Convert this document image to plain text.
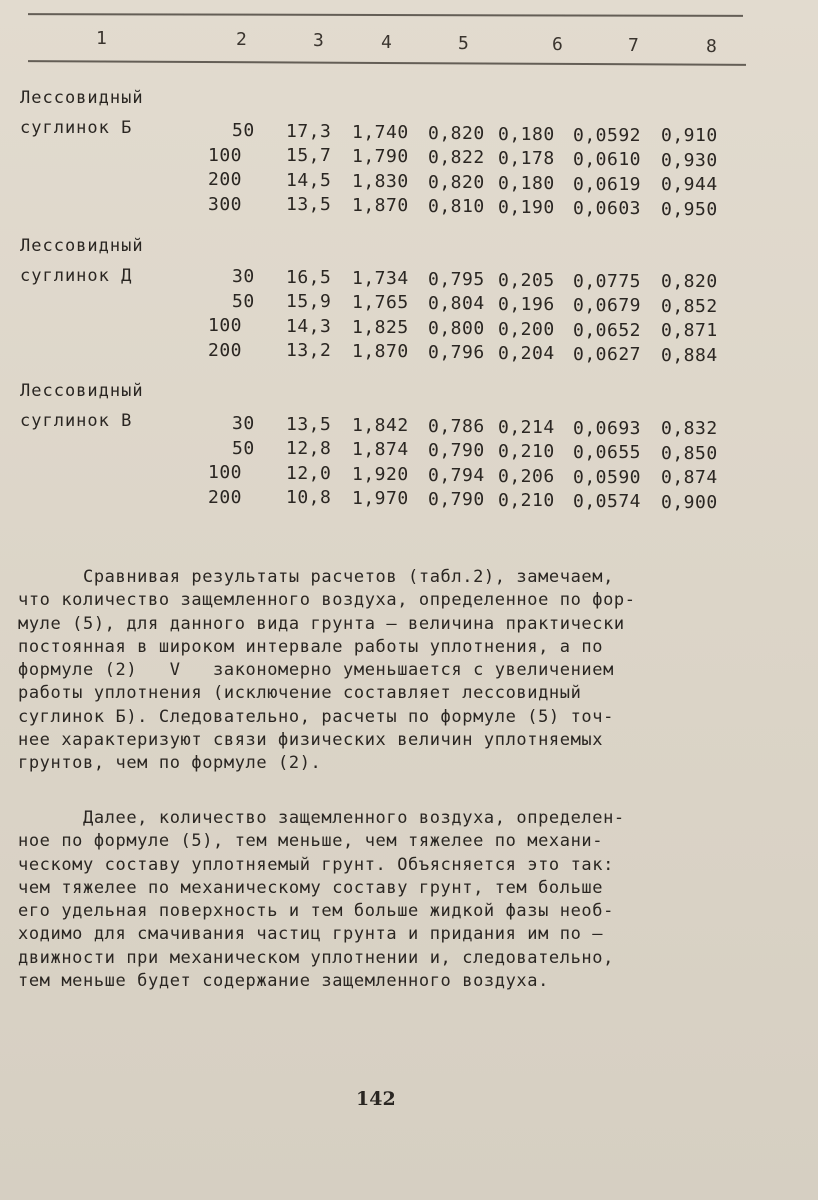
1	2	3	4	5	6	7	8
Лессовидный
суглинок Б	50 17,3 1,740 0,820 0,180 0,0592 0,910
100 15,7 1,790 0,822 0,178 0,0610 0,930
200 14,5 1,830 0,820 0,180 0,0619 0,944
300 13,5 1,870 0,810 0,190 0,0603 0,950
Лессовидный
суглинок Д	30 16,5 1,734 0,795 0,205 0,0775 0,820
50 15,9 1,765 0,804 0,196 0,0679 0,852
100 14,3 1,825 0,800 0,200 0,0652 0,871
200 13,2 1,870 0,796 0,204 0,0627 0,884
Лессовидный
суглинок В	30 13,5 1,842 0,786 0,214 0,0693 0,832
50 12,8 1,874 0,790 0,210 0,0655 0,850
100 12,0 1,920 0,794 0,206 0,0590 0,874
200 10,8 1,970 0,790 0,210 0,0574 0,900
Сравнивая результаты расчетов (табл.2), замечаем,
что количество защемленного воздуха, определенное по фор-
муле (5), для данного вида грунта – величина практически
постоянная в широком интервале работы уплотнения, а по
формуле (2)   V   закономерно уменьшается с увеличением
работы уплотнения (исключение составляет лессовидный
суглинок Б). Следовательно, расчеты по формуле (5) точ-
нее характеризуют связи физических величин уплотняемых
грунтов, чем по формуле (2).
Далее, количество защемленного воздуха, определен-
ное по формуле (5), тем меньше, чем тяжелее по механи-
ческому составу уплотняемый грунт. Объясняется это так:
чем тяжелее по механическому составу грунт, тем больше
его удельная поверхность и тем больше жидкой фазы необ-
ходимо для смачивания частиц грунта и придания им по –
движности при механическом уплотнении и, следовательно,
тем меньше будет содержание защемленного воздуха.
142
